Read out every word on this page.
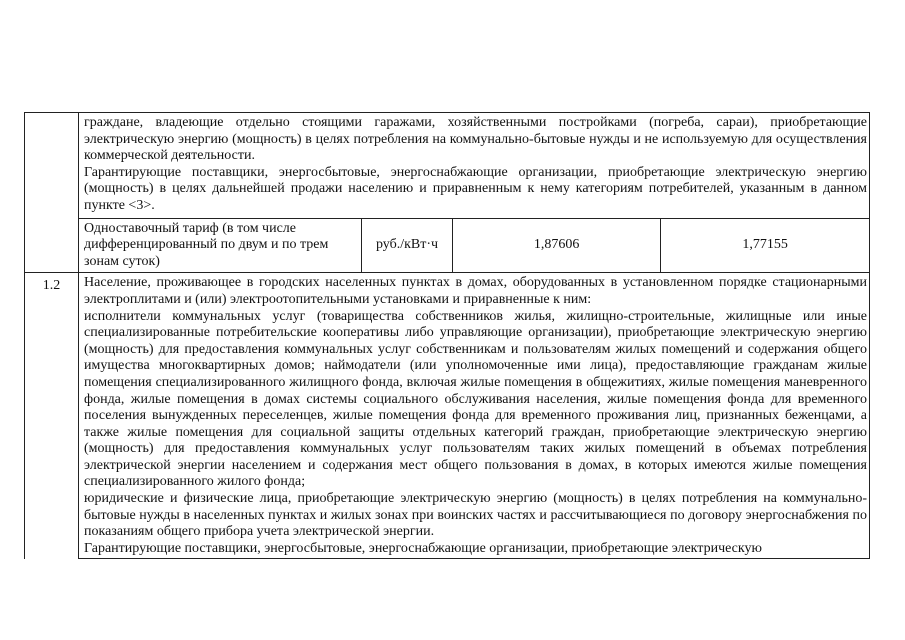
граждане, владеющие отдельно стоящими гаражами, хозяйственными постройками (погреба, сараи), приобретающие электрическую энергию (мощность) в целях потребления на коммунально-бытовые нужды и не используемую для осуществления коммерческой деятельности.
Гарантирующие поставщики, энергосбытовые, энергоснабжающие организации, приобретающие электрическую энергию (мощность) в целях дальнейшей продажи населению и приравненным к нему категориям потребителей, указанным в данном пункте <3>.
Одноставочный тариф (в том числе дифференцированный по двум и по трем зонам суток)	руб./кВт·ч	1,87606	1,77155

1.2	Население, проживающее в городских населенных пунктах в домах, оборудованных в установленном порядке стационарными электроплитами и (или) электроотопительными установками и приравненные к ним:
исполнители коммунальных услуг (товарищества собственников жилья, жилищно-строительные, жилищные или иные специализированные потребительские кооперативы либо управляющие организации), приобретающие электрическую энергию (мощность) для предоставления коммунальных услуг собственникам и пользователям жилых помещений и содержания общего имущества многоквартирных домов; наймодатели (или уполномоченные ими лица), предоставляющие гражданам жилые помещения специализированного жилищного фонда, включая жилые помещения в общежитиях, жилые помещения маневренного фонда, жилые помещения в домах системы социального обслуживания населения, жилые помещения фонда для временного поселения вынужденных переселенцев, жилые помещения фонда для временного проживания лиц, признанных беженцами, а также жилые помещения для социальной защиты отдельных категорий граждан, приобретающие электрическую энергию (мощность) для предоставления коммунальных услуг пользователям таких жилых помещений в объемах потребления электрической энергии населением и содержания мест общего пользования в домах, в которых имеются жилые помещения специализированного жилого фонда;
юридические и физические лица, приобретающие электрическую энергию (мощность) в целях потребления на коммунально-бытовые нужды в населенных пунктах и жилых зонах при воинских частях и рассчитывающиеся по договору энергоснабжения по показаниям общего прибора учета электрической энергии.
Гарантирующие поставщики, энергосбытовые, энергоснабжающие организации, приобретающие электрическую
